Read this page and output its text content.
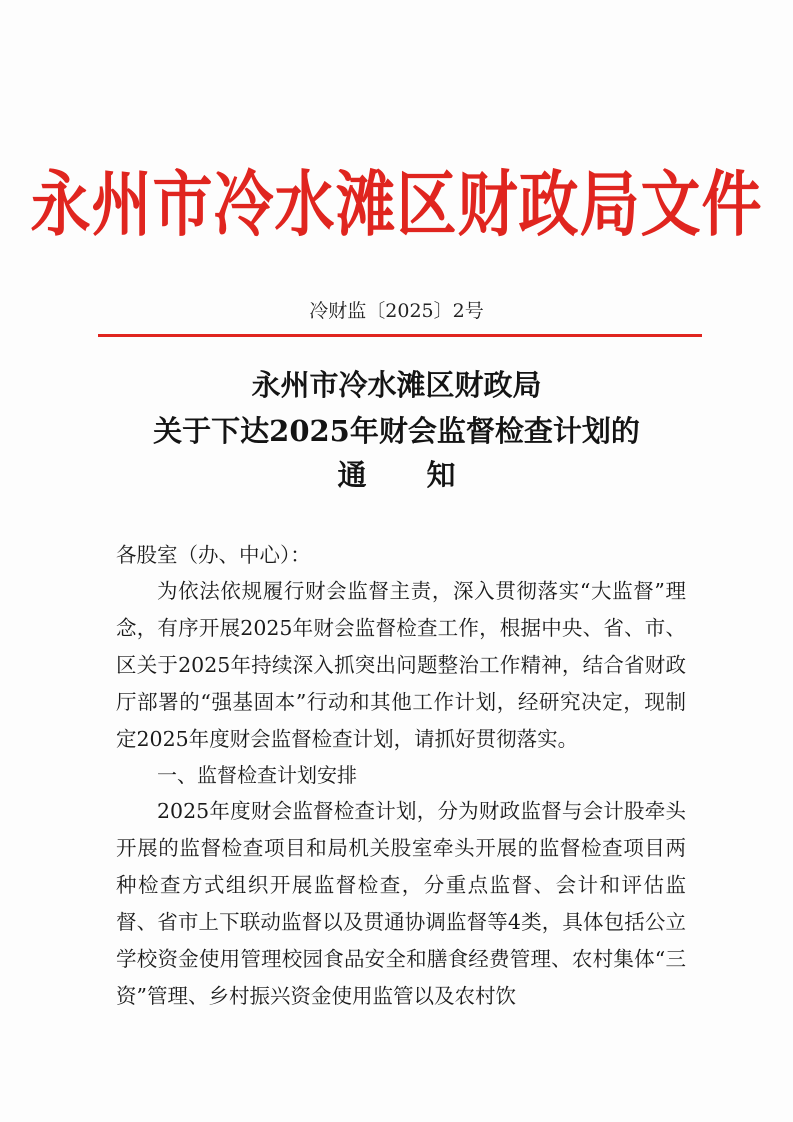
永州市冷水滩区财政局文件
冷财监〔2025〕2号
永州市冷水滩区财政局
关于下达2025年财会监督检查计划的
通知
各股室（办、中心）：
为依法依规履行财会监督主责，深入贯彻落实“大监督”理念，有序开展2025年财会监督检查工作，根据中央、省、市、区关于2025年持续深入抓突出问题整治工作精神，结合省财政厅部署的“强基固本”行动和其他工作计划，经研究决定，现制定2025年度财会监督检查计划，请抓好贯彻落实。
一、监督检查计划安排
2025年度财会监督检查计划，分为财政监督与会计股牵头开展的监督检查项目和局机关股室牵头开展的监督检查项目两种检查方式组织开展监督检查，分重点监督、会计和评估监督、省市上下联动监督以及贯通协调监督等4类，具体包括公立学校资金使用管理校园食品安全和膳食经费管理、农村集体“三资”管理、乡村振兴资金使用监管以及农村饮
